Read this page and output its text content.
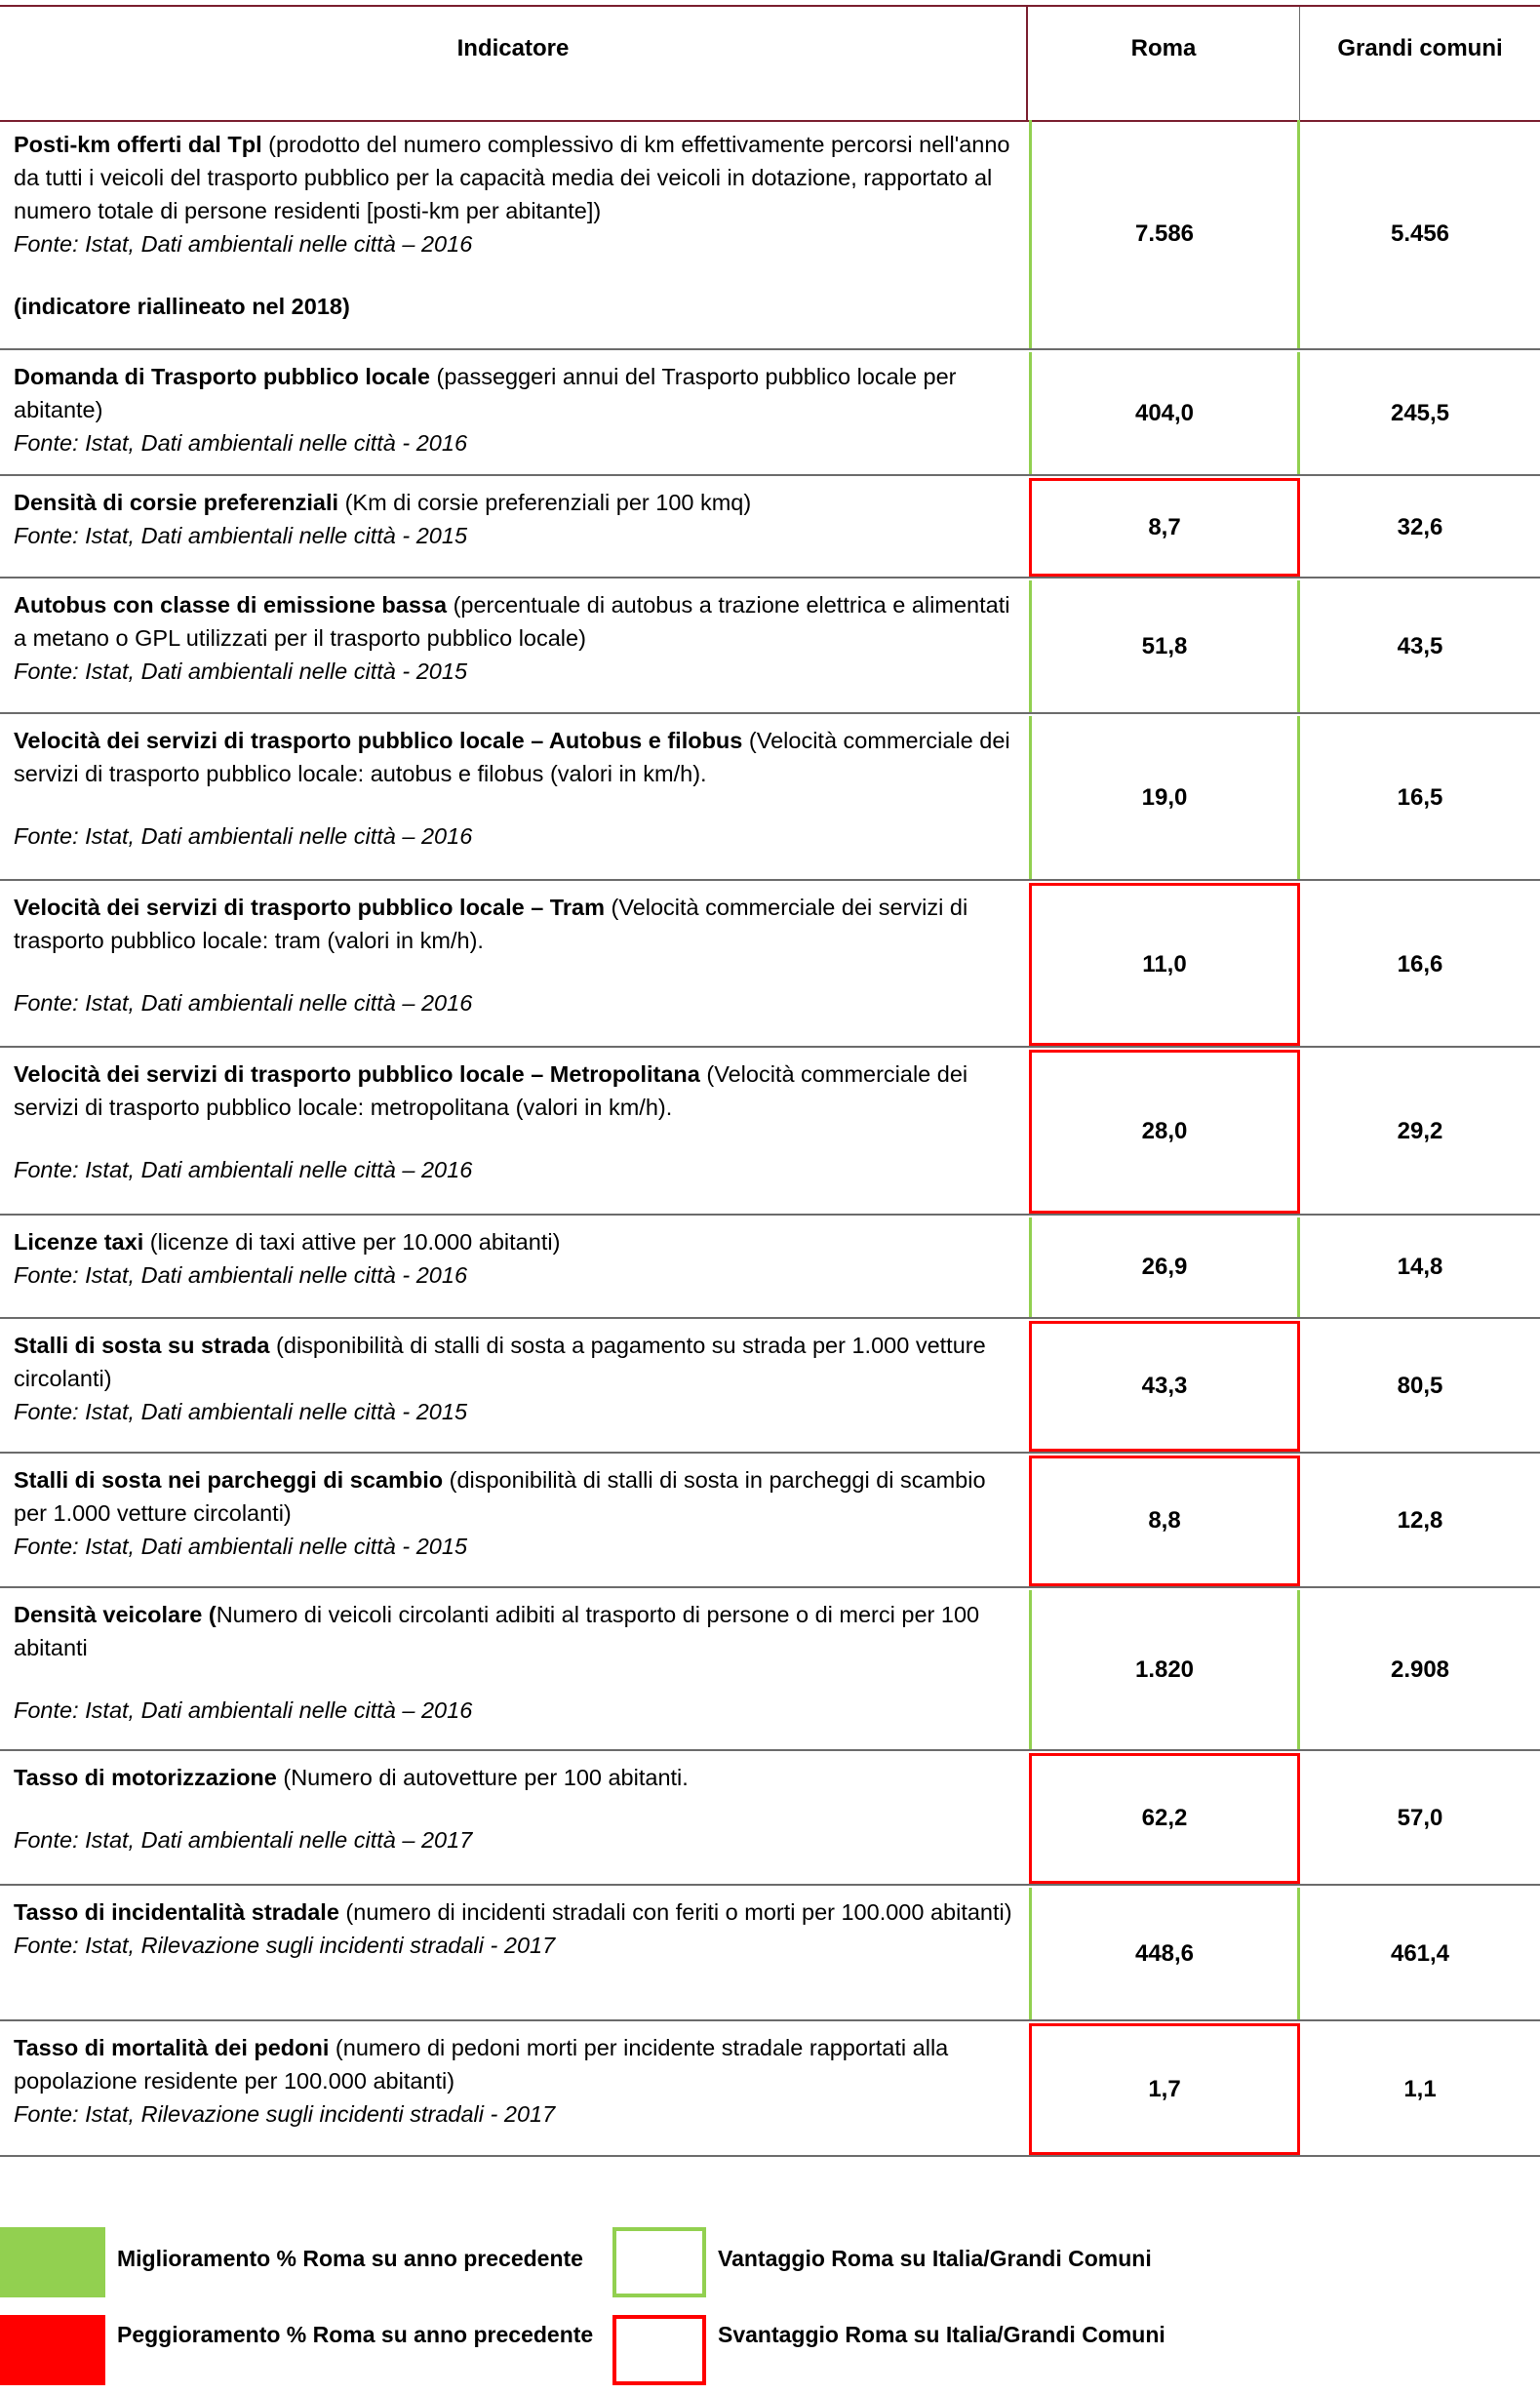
Indicatore	Roma	Grandi comuni
Posti-km offerti dal Tpl (prodotto del numero complessivo di km effettivamente percorsi nell'anno da tutti i veicoli del trasporto pubblico per la capacità media dei veicoli in dotazione, rapportato al numero totale di persone residenti [posti-km per abitante])
Fonte: Istat, Dati ambientali nelle città – 2016
(indicatore riallineato nel 2018)
7.586	5.456
Domanda di Trasporto pubblico locale (passeggeri annui del Trasporto pubblico locale per abitante)
Fonte: Istat, Dati ambientali nelle città - 2016
404,0	245,5
Densità di corsie preferenziali (Km di corsie preferenziali per 100 kmq)
Fonte: Istat, Dati ambientali nelle città - 2015	8,7	32,6
Autobus con classe di emissione bassa (percentuale di autobus a trazione elettrica e alimentati a metano o GPL utilizzati per il trasporto pubblico locale)
Fonte: Istat, Dati ambientali nelle città - 2015
51,8	43,5
Velocità dei servizi di trasporto pubblico locale – Autobus e filobus (Velocità commerciale dei servizi di trasporto pubblico locale: autobus e filobus (valori in km/h).

Fonte: Istat, Dati ambientali nelle città – 2016
19,0	16,5
Velocità dei servizi di trasporto pubblico locale – Tram (Velocità commerciale dei servizi di trasporto pubblico locale: tram (valori in km/h).

Fonte: Istat, Dati ambientali nelle città – 2016
11,0	16,6
Velocità dei servizi di trasporto pubblico locale – Metropolitana (Velocità commerciale dei servizi di trasporto pubblico locale: metropolitana (valori in km/h).

Fonte: Istat, Dati ambientali nelle città – 2016
28,0	29,2
Licenze taxi (licenze di taxi attive per 10.000 abitanti)
Fonte: Istat, Dati ambientali nelle città - 2016	26,9	14,8
Stalli di sosta su strada (disponibilità di stalli di sosta a pagamento su strada per 1.000 vetture circolanti)
Fonte: Istat, Dati ambientali nelle città - 2015
43,3	80,5
Stalli di sosta nei parcheggi di scambio (disponibilità di stalli di sosta in parcheggi di scambio per 1.000 vetture circolanti)
Fonte: Istat, Dati ambientali nelle città - 2015
8,8	12,8
Densità veicolare (Numero di veicoli circolanti adibiti al trasporto di persone o di merci per 100 abitanti

Fonte: Istat, Dati ambientali nelle città – 2016
1.820	2.908
Tasso di motorizzazione (Numero di autovetture per 100 abitanti.

Fonte: Istat, Dati ambientali nelle città – 2017
62,2	57,0
Tasso di incidentalità stradale (numero di incidenti stradali con feriti o morti per 100.000 abitanti)
Fonte: Istat, Rilevazione sugli incidenti stradali - 2017	448,6	461,4
Tasso di mortalità dei pedoni (numero di pedoni morti per incidente stradale rapportati alla popolazione residente per 100.000 abitanti)
Fonte: Istat, Rilevazione sugli incidenti stradali - 2017
1,7	1,1
Miglioramento % Roma su anno precedente
Peggioramento % Roma su anno precedente
Vantaggio Roma su Italia/Grandi Comuni
Svantaggio Roma su Italia/Grandi Comuni
